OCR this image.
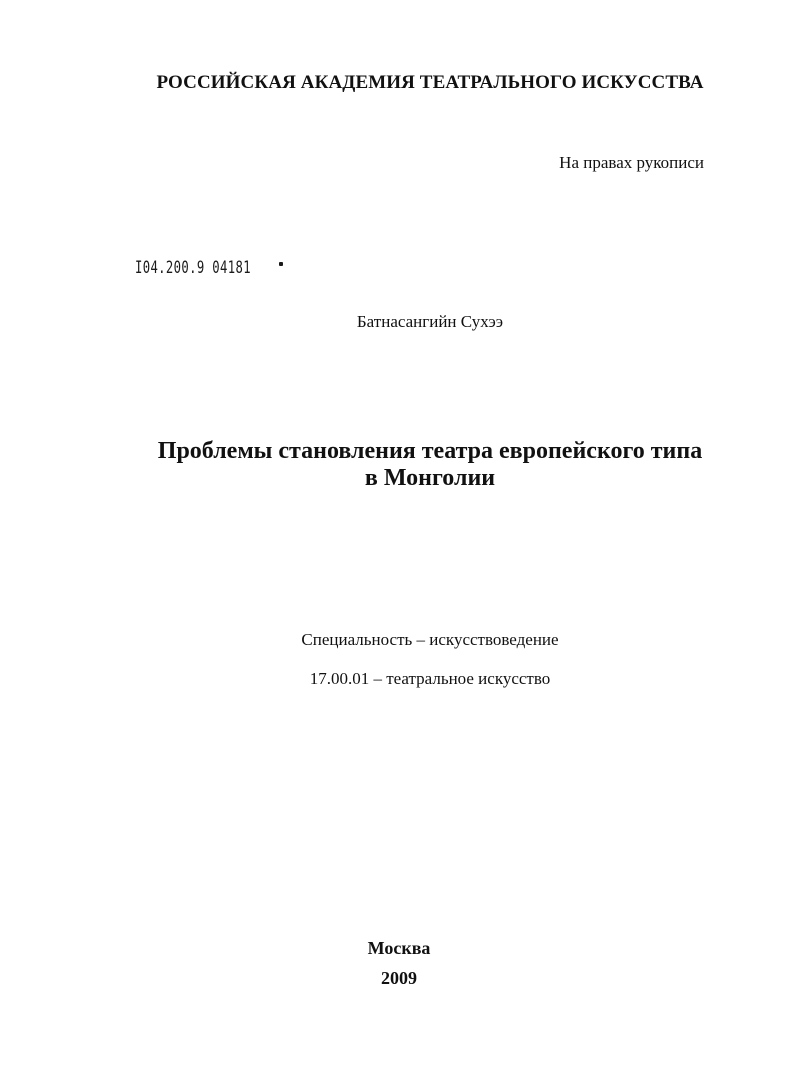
РОССИЙСКАЯ АКАДЕМИЯ ТЕАТРАЛЬНОГО ИСКУССТВА
На правах рукописи
I04.200.9 04181
Батнасангийн Сухээ
Проблемы становления театра европейского типа
в Монголии
Специальность – искусствоведение
17.00.01 – театральное искусство
Москва
2009
